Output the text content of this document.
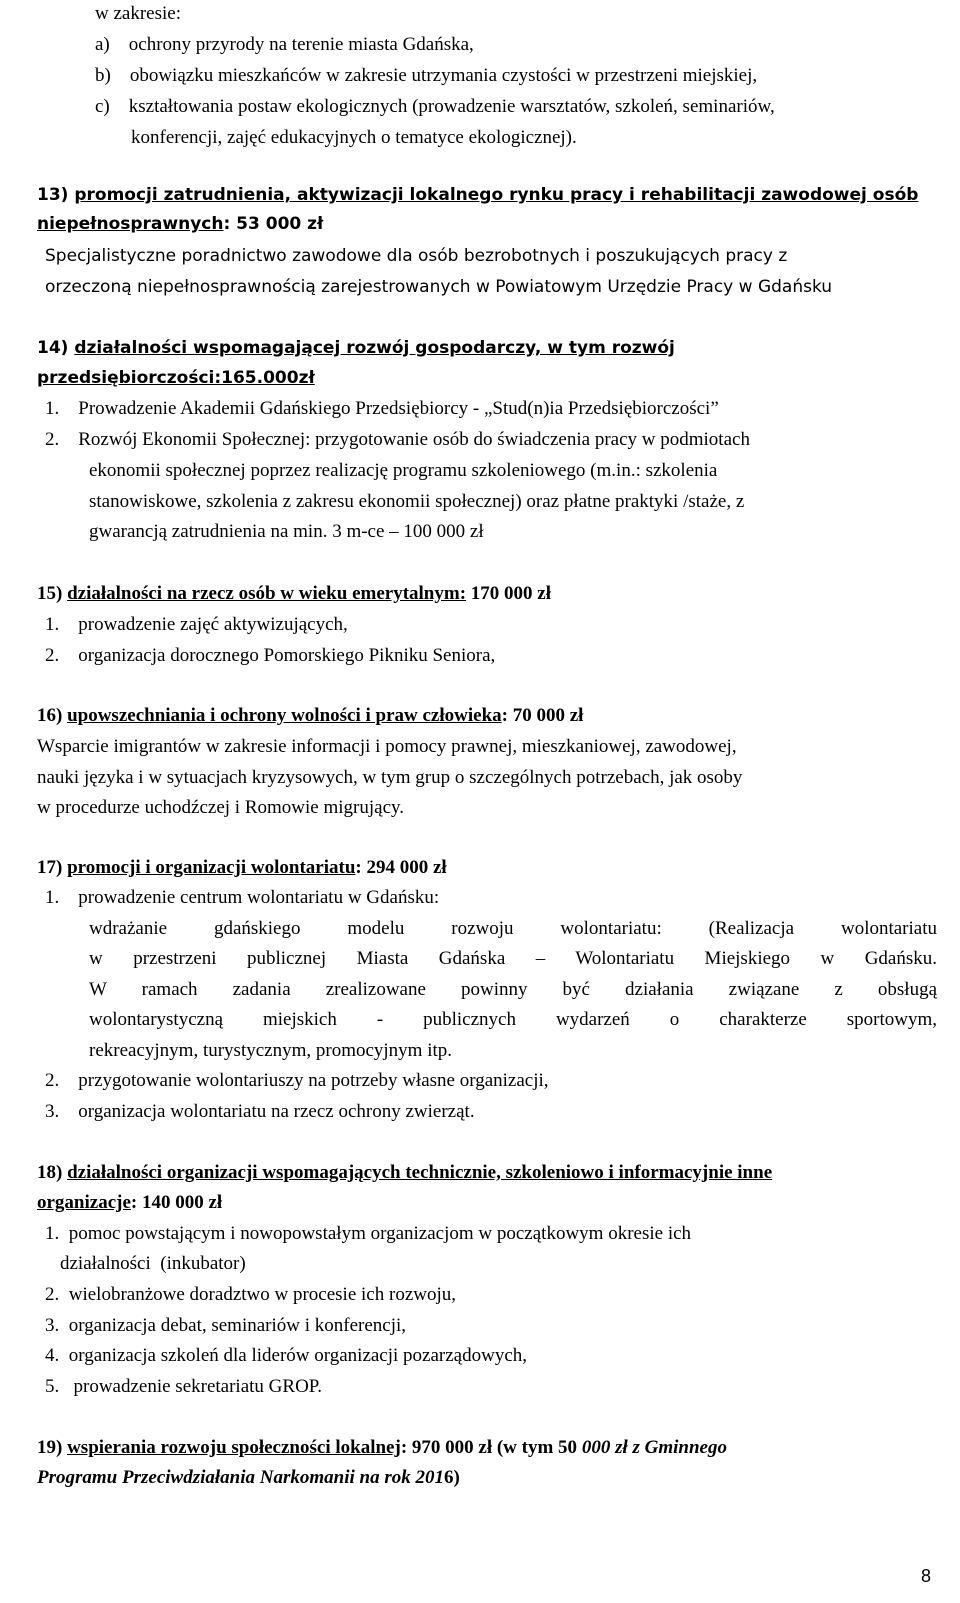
w zakresie:
a) ochrony przyrody na terenie miasta Gdańska,
b) obowiązku mieszkańców w zakresie utrzymania czystości w przestrzeni miejskiej,
c) kształtowania postaw ekologicznych (prowadzenie warsztatów, szkoleń, seminariów,
konferencji, zajęć edukacyjnych o tematyce ekologicznej).
13) promocji zatrudnienia, aktywizacji lokalnego rynku pracy i rehabilitacji zawodowej osób
niepełnosprawnych: 53 000 zł
Specjalistyczne poradnictwo zawodowe dla osób bezrobotnych i poszukujących pracy z
orzeczoną niepełnosprawnością zarejestrowanych w Powiatowym Urzędzie Pracy w Gdańsku
14) działalności wspomagającej rozwój gospodarczy, w tym rozwój
przedsiębiorczości:165.000zł
1. Prowadzenie Akademii Gdańskiego Przedsiębiorcy - „Stud(n)ia Przedsiębiorczości”
2. Rozwój Ekonomii Społecznej: przygotowanie osób do świadczenia pracy w podmiotach
ekonomii społecznej poprzez realizację programu szkoleniowego (m.in.: szkolenia
stanowiskowe, szkolenia z zakresu ekonomii społecznej) oraz płatne praktyki /staże, z
gwarancją zatrudnienia na min. 3 m-ce – 100 000 zł
15) działalności na rzecz osób w wieku emerytalnym: 170 000 zł
1. prowadzenie zajęć aktywizujących,
2. organizacja dorocznego Pomorskiego Pikniku Seniora,
16) upowszechniania i ochrony wolności i praw człowieka: 70 000 zł
Wsparcie imigrantów w zakresie informacji i pomocy prawnej, mieszkaniowej, zawodowej,
nauki języka i w sytuacjach kryzysowych, w tym grup o szczególnych potrzebach, jak osoby
w procedurze uchodźczej i Romowie migrujący.
17) promocji i organizacji wolontariatu: 294 000 zł
1. prowadzenie centrum wolontariatu w Gdańsku:
wdrażanie gdańskiego modelu rozwoju wolontariatu: (Realizacja wolontariatu
w przestrzeni publicznej Miasta Gdańska – Wolontariatu Miejskiego w Gdańsku.
W ramach zadania zrealizowane powinny być działania związane z obsługą
wolontarystyczną miejskich - publicznych wydarzeń o charakterze sportowym,
rekreacyjnym, turystycznym, promocyjnym itp.
2. przygotowanie wolontariuszy na potrzeby własne organizacji,
3. organizacja wolontariatu na rzecz ochrony zwierząt.
18) działalności organizacji wspomagających technicznie, szkoleniowo i informacyjnie inne
organizacje: 140 000 zł
1. pomoc powstającym i nowopowstałym organizacjom w początkowym okresie ich
działalności (inkubator)
2. wielobranżowe doradztwo w procesie ich rozwoju,
3. organizacja debat, seminariów i konferencji,
4. organizacja szkoleń dla liderów organizacji pozarządowych,
5.  prowadzenie sekretariatu GROP.
19) wspierania rozwoju społeczności lokalnej: 970 000 zł (w tym 50 000 zł z Gminnego
Programu Przeciwdziałania Narkomanii na rok 2016)
8
